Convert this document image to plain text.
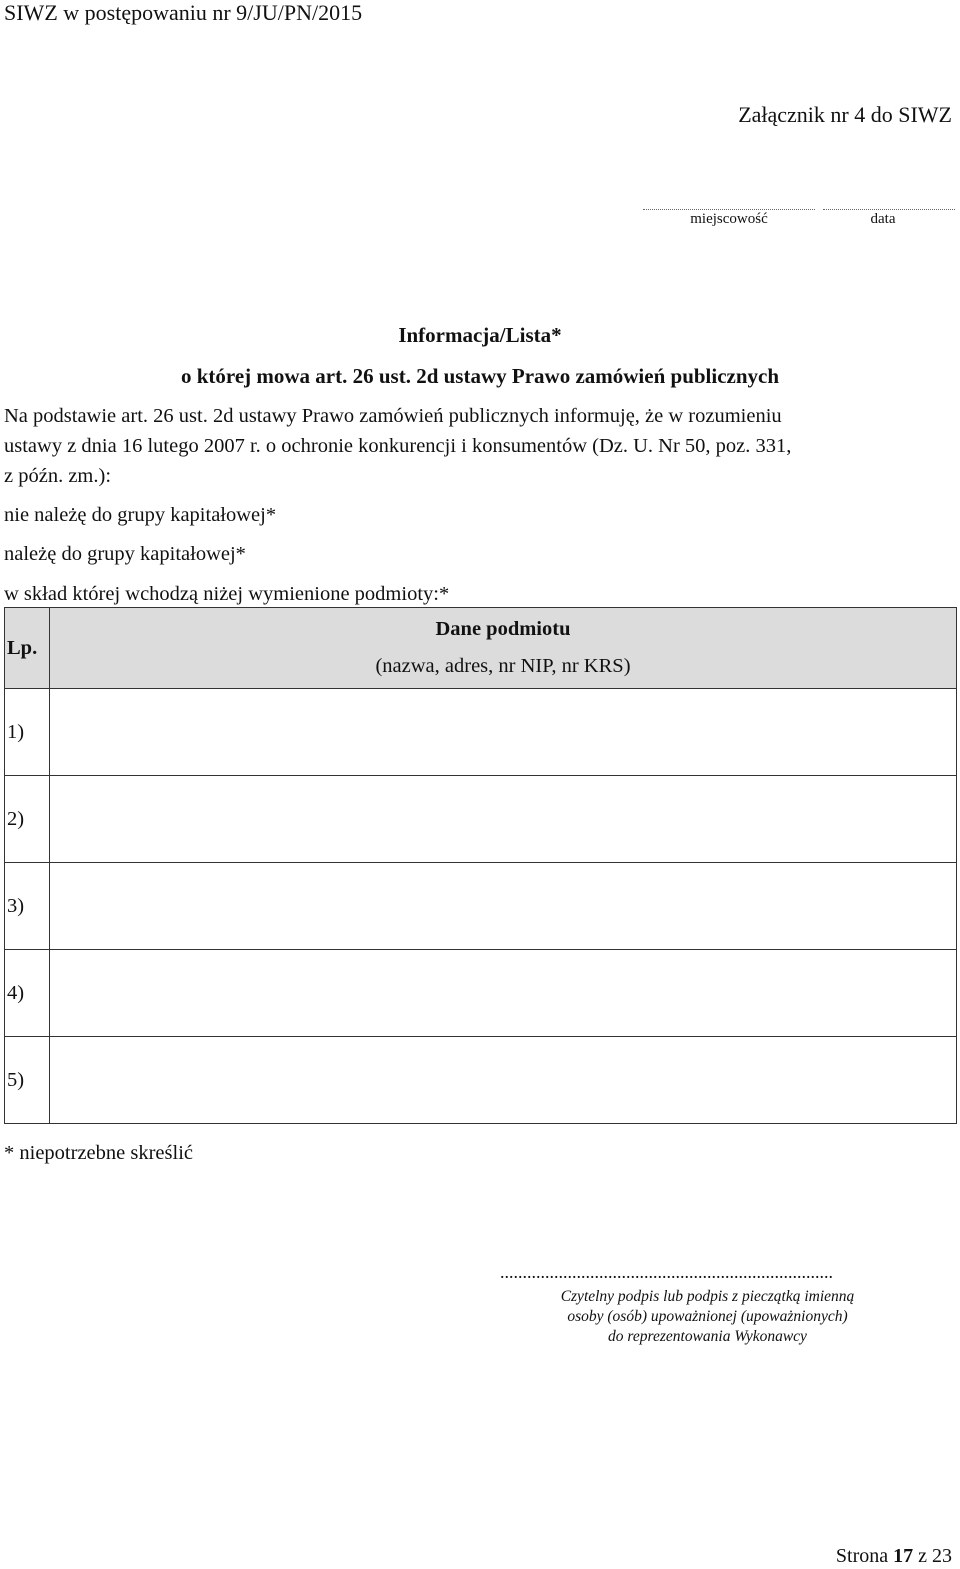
SIWZ w postępowaniu nr 9/JU/PN/2015
Załącznik nr 4 do SIWZ
miejscowość	data
Informacja/Lista*
o której mowa art. 26 ust. 2d ustawy Prawo zamówień publicznych
Na podstawie art. 26 ust. 2d ustawy Prawo zamówień publicznych informuję, że w rozumieniu
ustawy z dnia 16 lutego 2007 r. o ochronie konkurencji i konsumentów (Dz. U. Nr 50, poz. 331,
z późn. zm.):
nie należę do grupy kapitałowej*
należę do grupy kapitałowej*
w skład której wchodzą niżej wymienione podmioty:*
Lp.	Dane podmiotu
(nazwa, adres, nr NIP, nr KRS)
1)	
2)	
3)	
4)	
5)	
* niepotrzebne skreślić
..........................................................................
Czytelny podpis lub podpis z pieczątką imienną
osoby (osób) upoważnionej (upoważnionych)
do reprezentowania Wykonawcy
Strona 17 z 23
